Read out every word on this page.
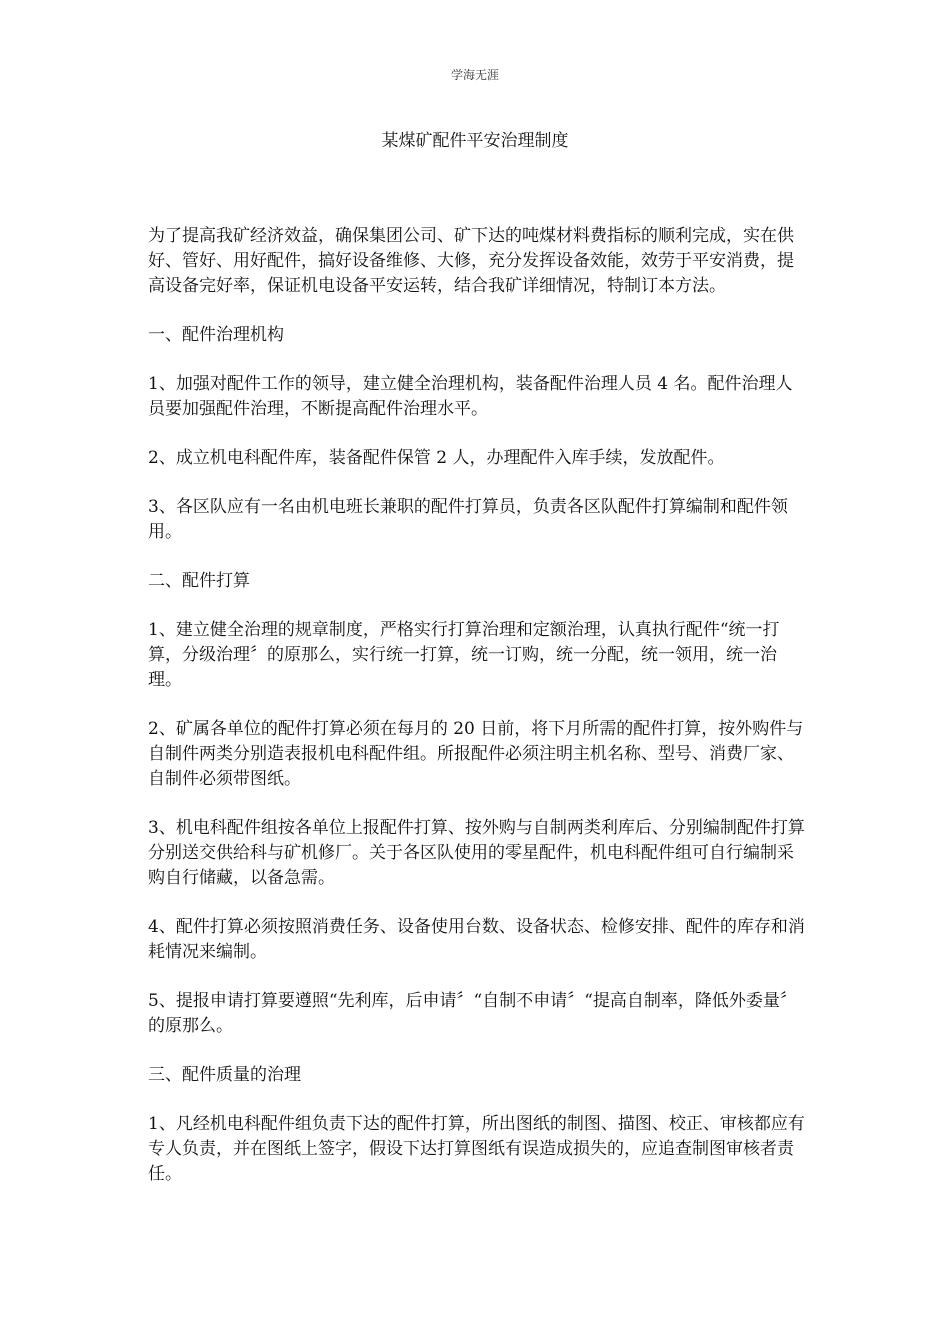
学海无涯
某煤矿配件平安治理制度

为了提高我矿经济效益，确保集团公司、矿下达的吨煤材料费指标的顺利完成，实在供好、管好、用好配件，搞好设备维修、大修，充分发挥设备效能，效劳于平安消费，提高设备完好率，保证机电设备平安运转，结合我矿详细情况，特制订本方法。

一、配件治理机构

1、加强对配件工作的领导，建立健全治理机构，装备配件治理人员 4 名。配件治理人员要加强配件治理，不断提高配件治理水平。

2、成立机电科配件库，装备配件保管 2 人，办理配件入库手续，发放配件。

3、各区队应有一名由机电班长兼职的配件打算员，负责各区队配件打算编制和配件领用。

二、配件打算

1、建立健全治理的规章制度，严格实行打算治理和定额治理，认真执行配件“统一打算，分级治理〞的原那么，实行统一打算，统一订购，统一分配，统一领用，统一治理。

2、矿属各单位的配件打算必须在每月的 20 日前，将下月所需的配件打算，按外购件与自制件两类分别造表报机电科配件组。所报配件必须注明主机名称、型号、消费厂家、自制件必须带图纸。

3、机电科配件组按各单位上报配件打算、按外购与自制两类利库后、分别编制配件打算分别送交供给科与矿机修厂。关于各区队使用的零星配件，机电科配件组可自行编制采购自行储藏，以备急需。

4、配件打算必须按照消费任务、设备使用台数、设备状态、检修安排、配件的库存和消耗情况来编制。

5、提报申请打算要遵照“先利库，后申请〞“自制不申请〞“提高自制率，降低外委量〞的原那么。

三、配件质量的治理

1、凡经机电科配件组负责下达的配件打算，所出图纸的制图、描图、校正、审核都应有专人负责，并在图纸上签字，假设下达打算图纸有误造成损失的，应追查制图审核者责任。
